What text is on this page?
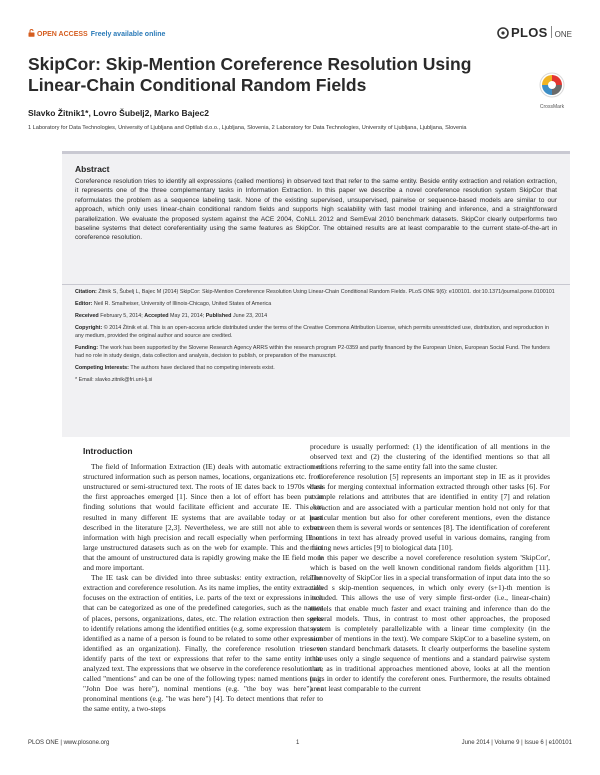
OPEN ACCESS Freely available online	PLOS ONE
SkipCor: Skip-Mention Coreference Resolution Using Linear-Chain Conditional Random Fields
CrossMark
Slavko Žitnik1*, Lovro Šubelj2, Marko Bajec2
1 Laboratory for Data Technologies, University of Ljubljana and Optilab d.o.o., Ljubljana, Slovenia, 2 Laboratory for Data Technologies, University of Ljubljana, Ljubljana, Slovenia
Abstract

Coreference resolution tries to identify all expressions (called mentions) in observed text that refer to the same entity. Beside entity extraction and relation extraction, it represents one of the three complementary tasks in Information Extraction. In this paper we describe a novel coreference resolution system SkipCor that reformulates the problem as a sequence labeling task. None of the existing supervised, unsupervised, pairwise or sequence-based models are similar to our approach, which only uses linear-chain conditional random fields and supports high scalability with fast model training and inference, and a straightforward parallelization. We evaluate the proposed system against the ACE 2004, CoNLL 2012 and SemEval 2010 benchmark datasets. SkipCor clearly outperforms two baseline systems that detect coreferentiality using the same features as SkipCor. The obtained results are at least comparable to the current state-of-the-art in coreference resolution.

Citation: Žitnik S, Šubelj L, Bajec M (2014) SkipCor: Skip-Mention Coreference Resolution Using Linear-Chain Conditional Random Fields. PLoS ONE 9(6): e100101. doi:10.1371/journal.pone.0100101

Editor: Neil R. Smalheiser, University of Illinois-Chicago, United States of America

Received February 5, 2014; Accepted May 21, 2014; Published June 23, 2014

Copyright: © 2014 Žitnik et al. This is an open-access article distributed under the terms of the Creative Commons Attribution License, which permits unrestricted use, distribution, and reproduction in any medium, provided the original author and source are credited.

Funding: The work has been supported by the Slovene Research Agency ARRS within the research program P2-0359 and partly financed by the European Union, European Social Fund. The funders had no role in study design, data collection and analysis, decision to publish, or preparation of the manuscript.

Competing Interests: The authors have declared that no competing interests exist.

* Email: slavko.zitnik@fri.uni-lj.si

Introduction

The field of Information Extraction (IE) deals with automatic extraction of structured information such as person names, locations, organizations etc. from unstructured or semi-structured text. The roots of IE dates back to 1970s when the first approaches emerged [1]. Since then a lot of effort has been put in finding solutions that would facilitate efficient and accurate IE. This has resulted in many different IE systems that are available today or at least described in the literature [2,3]. Nevertheless, we are still not able to extract information with high precision and recall especially when performing IE on large unstructured datasets such as on the web for example. This and the fact that the amount of unstructured data is rapidly growing make the IE field more and more important.

The IE task can be divided into three subtasks: entity extraction, relation extraction and coreference resolution. As its name implies, the entity extraction focuses on the extraction of entities, i.e. parts of the text or expressions in text that can be categorized as one of the predefined categories, such as the names of places, persons, organizations, dates, etc. The relation extraction then seeks to identify relations among the identified entities (e.g. some expression that was identified as a name of a person is found to be related to some other expression identified as an organization). Finally, the coreference resolution tries to identify parts of the text or expressions that refer to the same entity in the analyzed text. The expressions that we observe in the coreference resolution are called "mentions" and can be one of the following types: named mentions (e.g. "John Doe was here"), nominal mentions (e.g. "the boy was here") or pronominal mentions (e.g. "he was here") [4]. To detect mentions that refer to the same entity, a two-steps

procedure is usually performed: (1) the identification of all mentions in the observed text and (2) the clustering of the identified mentions so that all mentions referring to the same entity fall into the same cluster.

Coreference resolution [5] represents an important step in IE as it provides basis for merging contextual information extracted through other tasks [6]. For example relations and attributes that are identified in entity [7] and relation extraction and are associated with a particular mention hold not only for that particular mention but also for other coreferent mentions, even the distance between them is several words or sentences [8]. The identification of coreferent mentions in text has already proved useful in various domains, ranging from mining news articles [9] to biological data [10].

In this paper we describe a novel coreference resolution system 'SkipCor', which is based on the well known conditional random fields algorithm [11]. The novelty of SkipCor lies in a special transformation of input data into the so called s skip-mention sequences, in which only every (s+1)-th mention is included. This allows the use of very simple first-order (i.e., linear-chain) models that enable much faster and exact training and inference than do the general models. Thus, in contrast to most other approaches, the proposed system is completely parallelizable with a linear time complexity (in the number of mentions in the text). We compare SkipCor to a baseline system, on seven standard benchmark datasets. It clearly outperforms the baseline system that uses only a single sequence of mentions and a standard pairwise system that, as in traditional approaches mentioned above, looks at all the mention pairs in order to identify the coreferent ones. Furthermore, the results obtained are at least comparable to the current

PLOS ONE | www.plosone.org	1	June 2014 | Volume 9 | Issue 6 | e100101
